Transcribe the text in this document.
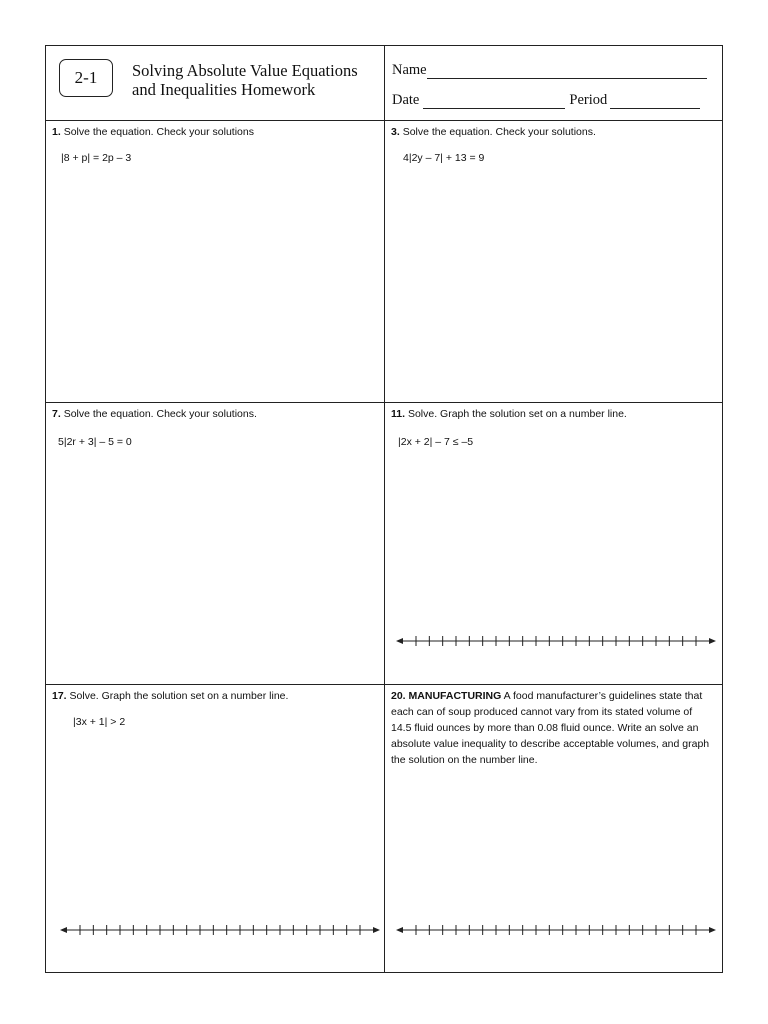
2-1	Solving Absolute Value Equations
and Inequalities Homework
Name
Date	Period
1. Solve the equation. Check your solutions
|8 + p| = 2p – 3
3. Solve the equation. Check your solutions.
4|2y – 7| + 13 = 9
7. Solve the equation. Check your solutions.
5|2r + 3| – 5 = 0
11. Solve. Graph the solution set on a number line.
|2x + 2| – 7 ≤ –5
17. Solve. Graph the solution set on a number line.
|3x + 1| > 2
20. MANUFACTURING A food manufacturer’s guidelines state that each can of soup produced cannot vary from its stated volume of 14.5 fluid ounces by more than 0.08 fluid ounce. Write an solve an absolute value inequality to describe acceptable volumes, and graph the solution on the number line.
